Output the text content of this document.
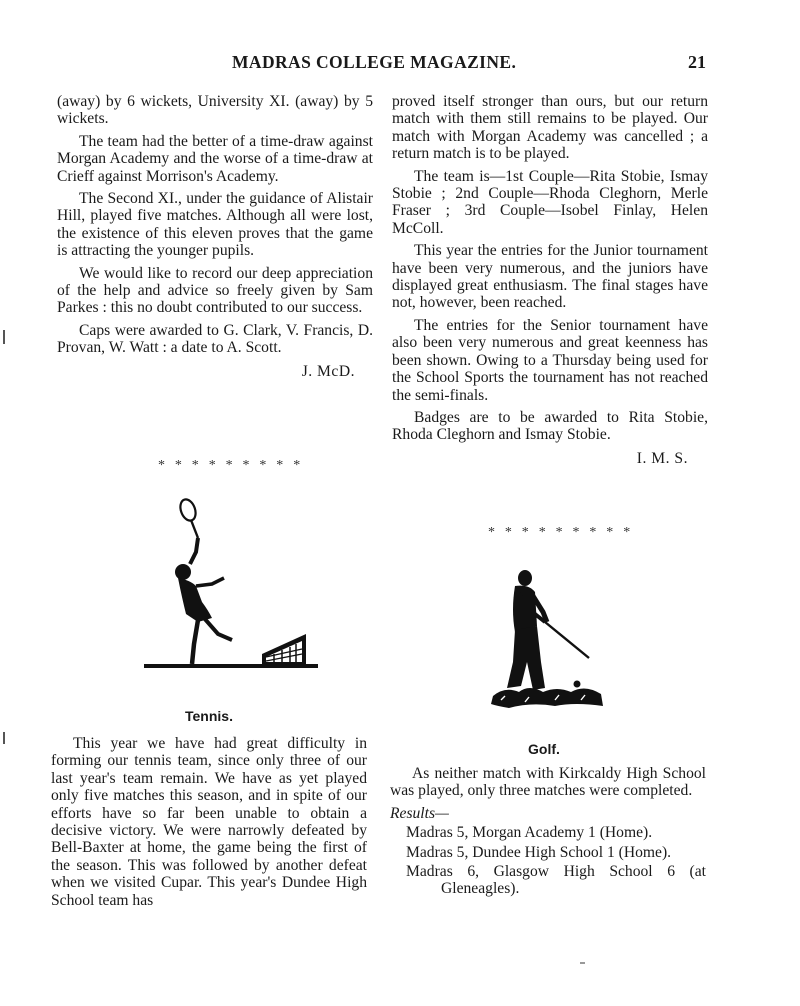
MADRAS COLLEGE MAGAZINE.	21

(away) by 6 wickets, University XI. (away) by 5 wickets.

The team had the better of a time-draw against Morgan Academy and the worse of a time-draw at Crieff against Morrison's Academy.

The Second XI., under the guidance of Alistair Hill, played five matches. Although all were lost, the existence of this eleven proves that the game is attracting the younger pupils.

We would like to record our deep appreciation of the help and advice so freely given by Sam Parkes : this no doubt contributed to our success.

Caps were awarded to G. Clark, V. Francis, D. Provan, W. Watt : a date to A. Scott.

J. McD.
* * * * * * * * *
Tennis.

This year we have had great difficulty in forming our tennis team, since only three of our last year's team remain. We have as yet played only five matches this season, and in spite of our efforts have so far been unable to obtain a decisive victory. We were narrowly defeated by Bell-Baxter at home, the game being the first of the season. This was followed by another defeat when we visited Cupar. This year's Dundee High School team has

proved itself stronger than ours, but our return match with them still remains to be played. Our match with Morgan Academy was cancelled ; a return match is to be played.

The team is—1st Couple—Rita Stobie, Ismay Stobie ; 2nd Couple—Rhoda Cleghorn, Merle Fraser ; 3rd Couple—Isobel Finlay, Helen McColl.

This year the entries for the Junior tournament have been very numerous, and the juniors have displayed great enthusiasm. The final stages have not, however, been reached.

The entries for the Senior tournament have also been very numerous and great keenness has been shown. Owing to a Thursday being used for the School Sports the tournament has not reached the semi-finals.

Badges are to be awarded to Rita Stobie, Rhoda Cleghorn and Ismay Stobie.

I. M. S.
* * * * * * * * *
Golf.

As neither match with Kirkcaldy High School was played, only three matches were completed.

Results—
Madras 5, Morgan Academy 1 (Home).
Madras 5, Dundee High School 1 (Home).
Madras 6, Glasgow High School 6 (at Gleneagles).
